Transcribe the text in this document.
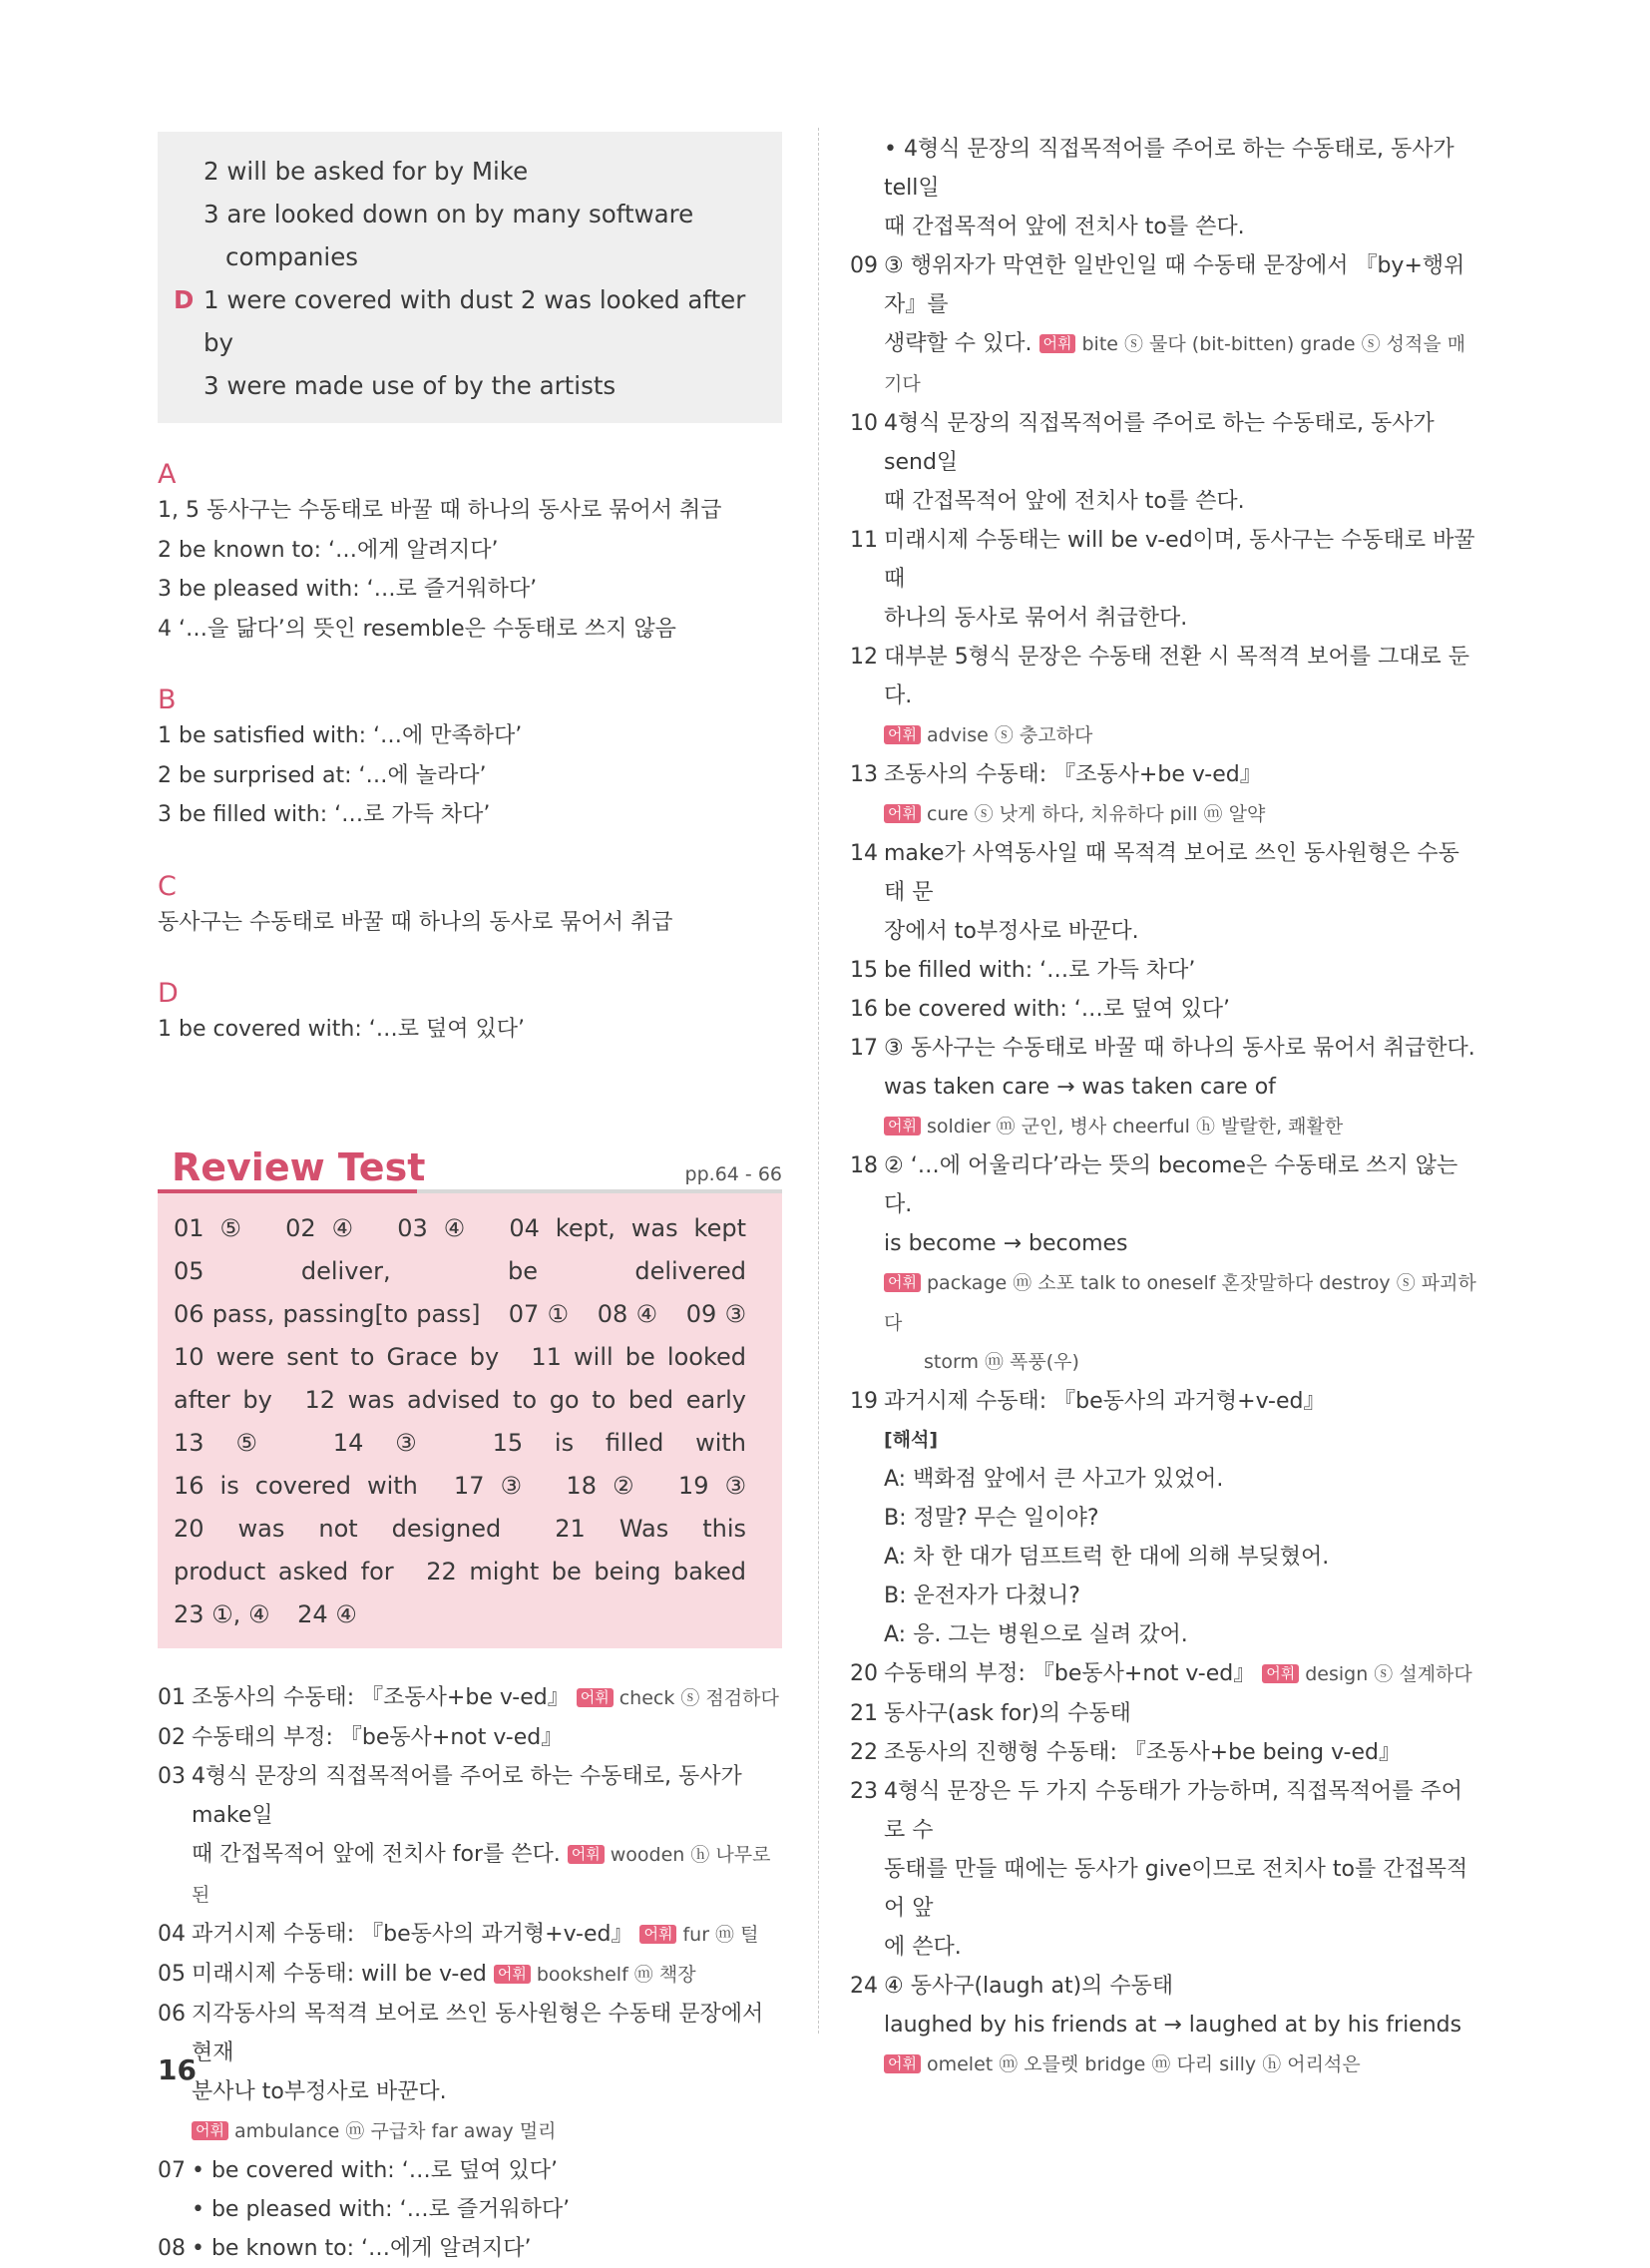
2 will be asked for by Mike
3 are looked down on by many software
companies
D 1 were covered with dust 2 was looked after by
3 were made use of by the artists
A
1, 5 동사구는 수동태로 바꿀 때 하나의 동사로 묶어서 취급
2 be known to: ‘…에게 알려지다’
3 be pleased with: ‘…로 즐거워하다’
4 ‘…을 닮다’의 뜻인 resemble은 수동태로 쓰지 않음
B
1 be satisfied with: ‘…에 만족하다’
2 be surprised at: ‘…에 놀라다’
3 be filled with: ‘…로 가득 차다’
C
동사구는 수동태로 바꿀 때 하나의 동사로 묶어서 취급
D
1 be covered with: ‘…로 덮여 있다’
Review Test	pp.64 - 66
01 ⑤ 02 ④ 03 ④ 04 kept, was kept 05 deliver,	be delivered 06 pass, passing[to pass] 07 ① 08 ④ 09 ③ 10 were sent to Grace by 11 will be looked after by 12 was advised to go to bed early 13 ⑤ 14 ③ 15 is filled with 16 is covered with 17 ③ 18 ② 19 ③ 20 was not designed 21 Was this product asked for 22 might be being baked 23 ①, ④ 24 ④
01 조동사의 수동태: 『조동사+be v-ed』 어휘 check ⓢ 점검하다
02 수동태의 부정: 『be동사+not v-ed』
03 4형식 문장의 직접목적어를 주어로 하는 수동태로, 동사가 make일
때 간접목적어 앞에 전치사 for를 쓴다. 어휘 wooden ⓗ 나무로 된
04 과거시제 수동태: 『be동사의 과거형+v-ed』 어휘 fur ⓜ 털
05 미래시제 수동태: will be v-ed 어휘 bookshelf ⓜ 책장
06 지각동사의 목적격 보어로 쓰인 동사원형은 수동태 문장에서 현재
분사나 to부정사로 바꾼다.
어휘 ambulance ⓜ 구급차 far away 멀리
07 • be covered with: ‘…로 덮여 있다’
• be pleased with: ‘…로 즐거워하다’
08 • be known to: ‘…에게 알려지다’
• 4형식 문장의 직접목적어를 주어로 하는 수동태로, 동사가 tell일
때 간접목적어 앞에 전치사 to를 쓴다.
09 ③ 행위자가 막연한 일반인일 때 수동태 문장에서 『by+행위자』를
생략할 수 있다. 어휘 bite ⓢ 물다 (bit-bitten) grade ⓢ 성적을 매기다
10 4형식 문장의 직접목적어를 주어로 하는 수동태로, 동사가 send일
때 간접목적어 앞에 전치사 to를 쓴다.
11 미래시제 수동태는 will be v-ed이며, 동사구는 수동태로 바꿀 때
하나의 동사로 묶어서 취급한다.
12 대부분 5형식 문장은 수동태 전환 시 목적격 보어를 그대로 둔다.
어휘 advise ⓢ 충고하다
13 조동사의 수동태: 『조동사+be v-ed』
어휘 cure ⓢ 낫게 하다, 치유하다 pill ⓜ 알약
14 make가 사역동사일 때 목적격 보어로 쓰인 동사원형은 수동태 문
장에서 to부정사로 바꾼다.
15 be filled with: ‘…로 가득 차다’
16 be covered with: ‘…로 덮여 있다’
17 ③ 동사구는 수동태로 바꿀 때 하나의 동사로 묶어서 취급한다.
was taken care → was taken care of
어휘 soldier ⓜ 군인, 병사 cheerful ⓗ 발랄한, 쾌활한
18 ② ‘…에 어울리다’라는 뜻의 become은 수동태로 쓰지 않는다.
is become → becomes
어휘 package ⓜ 소포 talk to oneself 혼잣말하다 destroy ⓢ 파괴하다
storm ⓜ 폭풍(우)
19 과거시제 수동태: 『be동사의 과거형+v-ed』
[해석]
A: 백화점 앞에서 큰 사고가 있었어.
B: 정말? 무슨 일이야?
A: 차 한 대가 덤프트럭 한 대에 의해 부딪혔어.
B: 운전자가 다쳤니?
A: 응. 그는 병원으로 실려 갔어.
20 수동태의 부정: 『be동사+not v-ed』 어휘 design ⓢ 설계하다
21 동사구(ask for)의 수동태
22 조동사의 진행형 수동태: 『조동사+be being v-ed』
23 4형식 문장은 두 가지 수동태가 가능하며, 직접목적어를 주어로 수
동태를 만들 때에는 동사가 give이므로 전치사 to를 간접목적어 앞
에 쓴다.
24 ④ 동사구(laugh at)의 수동태
laughed by his friends at → laughed at by his friends
어휘 omelet ⓜ 오믈렛 bridge ⓜ 다리 silly ⓗ 어리석은
16
